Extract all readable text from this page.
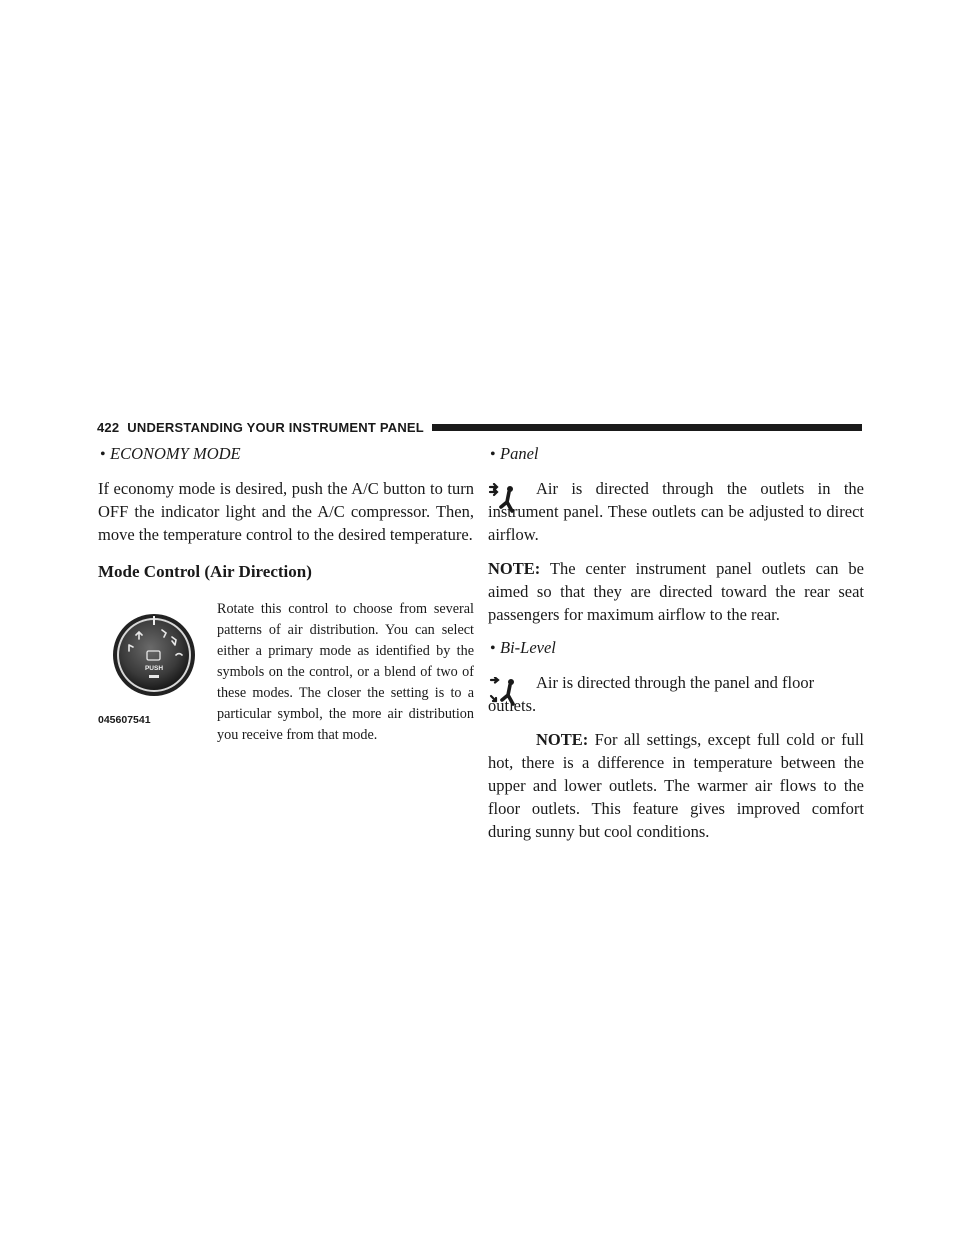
422 UNDERSTANDING YOUR INSTRUMENT PANEL
• ECONOMY MODE

If economy mode is desired, push the A/C button to turn OFF the indicator light and the A/C compressor. Then, move the temperature control to the desired temperature.

Mode Control (Air Direction)

PUSH
045607541

Rotate this control to choose from several patterns of air distribution. You can select either a primary mode as identified by the symbols on the control, or a blend of two of these modes. The closer the setting is to a particular symbol, the more air distribution you receive from that mode.

• Panel

Air is directed through the outlets in the instrument panel. These outlets can be adjusted to direct airflow.

NOTE: The center instrument panel outlets can be aimed so that they are directed toward the rear seat passengers for maximum airflow to the rear.

• Bi-Level

Air is directed through the panel and floor outlets.

NOTE: For all settings, except full cold or full hot, there is a difference in temperature between the upper and lower outlets. The warmer air flows to the floor outlets. This feature gives improved comfort during sunny but cool conditions.
